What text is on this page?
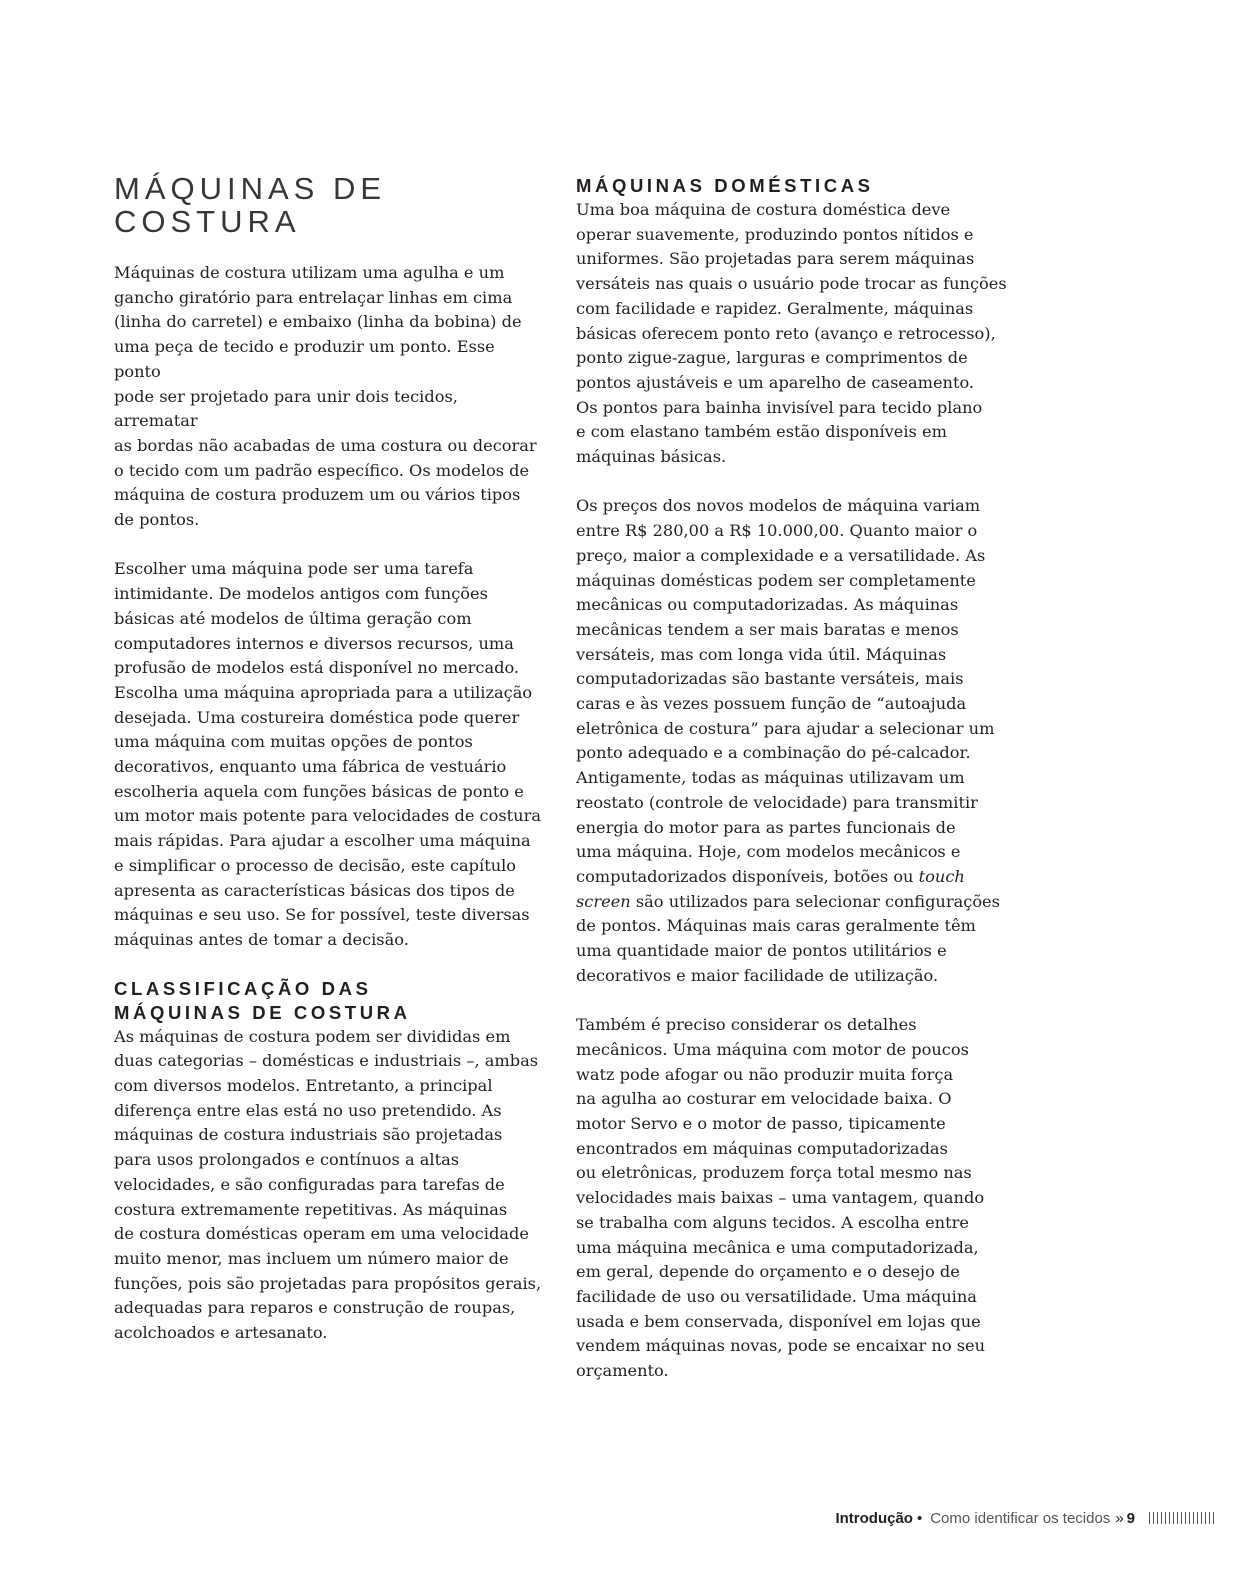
MÁQUINAS DE
COSTURA

Máquinas de costura utilizam uma agulha e um
gancho giratório para entrelaçar linhas em cima
(linha do carretel) e embaixo (linha da bobina) de
uma peça de tecido e produzir um ponto. Esse ponto
pode ser projetado para unir dois tecidos, arrematar
as bordas não acabadas de uma costura ou decorar
o tecido com um padrão específico. Os modelos de
máquina de costura produzem um ou vários tipos
de pontos.

Escolher uma máquina pode ser uma tarefa
intimidante. De modelos antigos com funções
básicas até modelos de última geração com
computadores internos e diversos recursos, uma
profusão de modelos está disponível no mercado.
Escolha uma máquina apropriada para a utilização
desejada. Uma costureira doméstica pode querer
uma máquina com muitas opções de pontos
decorativos, enquanto uma fábrica de vestuário
escolheria aquela com funções básicas de ponto e
um motor mais potente para velocidades de costura
mais rápidas. Para ajudar a escolher uma máquina
e simplificar o processo de decisão, este capítulo
apresenta as características básicas dos tipos de
máquinas e seu uso. Se for possível, teste diversas
máquinas antes de tomar a decisão.

CLASSIFICAÇÃO DAS
MÁQUINAS DE COSTURA

As máquinas de costura podem ser divididas em
duas categorias – domésticas e industriais –, ambas
com diversos modelos. Entretanto, a principal
diferença entre elas está no uso pretendido. As
máquinas de costura industriais são projetadas
para usos prolongados e contínuos a altas
velocidades, e são configuradas para tarefas de
costura extremamente repetitivas. As máquinas
de costura domésticas operam em uma velocidade
muito menor, mas incluem um número maior de
funções, pois são projetadas para propósitos gerais,
adequadas para reparos e construção de roupas,
acolchoados e artesanato.

MÁQUINAS DOMÉSTICAS

Uma boa máquina de costura doméstica deve
operar suavemente, produzindo pontos nítidos e
uniformes. São projetadas para serem máquinas
versáteis nas quais o usuário pode trocar as funções
com facilidade e rapidez. Geralmente, máquinas
básicas oferecem ponto reto (avanço e retrocesso),
ponto zigue-zague, larguras e comprimentos de
pontos ajustáveis e um aparelho de caseamento.
Os pontos para bainha invisível para tecido plano
e com elastano também estão disponíveis em
máquinas básicas.

Os preços dos novos modelos de máquina variam
entre R$ 280,00 a R$ 10.000,00. Quanto maior o
preço, maior a complexidade e a versatilidade. As
máquinas domésticas podem ser completamente
mecânicas ou computadorizadas. As máquinas
mecânicas tendem a ser mais baratas e menos
versáteis, mas com longa vida útil. Máquinas
computadorizadas são bastante versáteis, mais
caras e às vezes possuem função de “autoajuda
eletrônica de costura” para ajudar a selecionar um
ponto adequado e a combinação do pé-calcador.
Antigamente, todas as máquinas utilizavam um
reostato (controle de velocidade) para transmitir
energia do motor para as partes funcionais de
uma máquina. Hoje, com modelos mecânicos e
computadorizados disponíveis, botões ou touch
screen são utilizados para selecionar configurações
de pontos. Máquinas mais caras geralmente têm
uma quantidade maior de pontos utilitários e
decorativos e maior facilidade de utilização.

Também é preciso considerar os detalhes
mecânicos. Uma máquina com motor de poucos
watz pode afogar ou não produzir muita força
na agulha ao costurar em velocidade baixa. O
motor Servo e o motor de passo, tipicamente
encontrados em máquinas computadorizadas
ou eletrônicas, produzem força total mesmo nas
velocidades mais baixas – uma vantagem, quando
se trabalha com alguns tecidos. A escolha entre
uma máquina mecânica e uma computadorizada,
em geral, depende do orçamento e o desejo de
facilidade de uso ou versatilidade. Uma máquina
usada e bem conservada, disponível em lojas que
vendem máquinas novas, pode se encaixar no seu
orçamento.

Introdução • Como identificar os tecidos » 9
